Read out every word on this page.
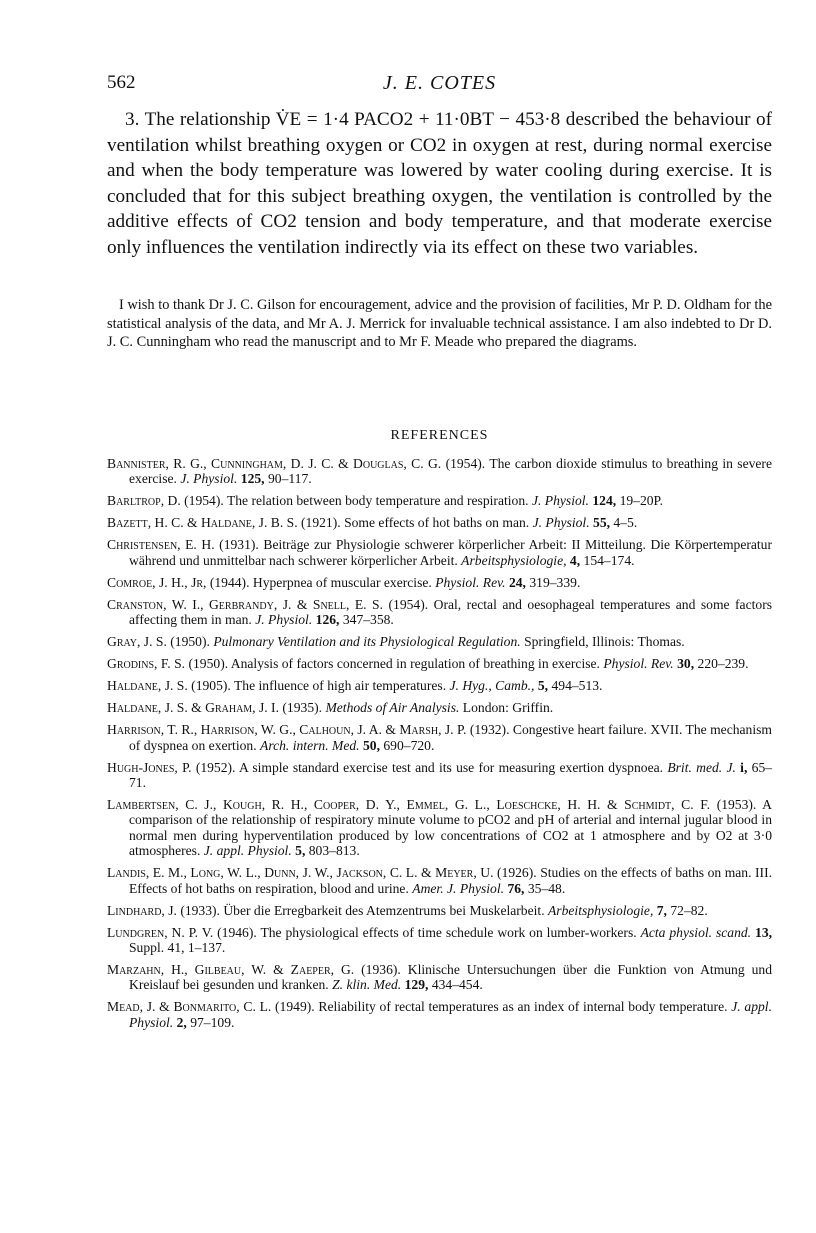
562	J. E. COTES

3. The relationship V̇E = 1·4 PACO2 + 11·0BT − 453·8 described the behaviour of ventilation whilst breathing oxygen or CO2 in oxygen at rest, during normal exercise and when the body temperature was lowered by water cooling during exercise. It is concluded that for this subject breathing oxygen, the ventilation is controlled by the additive effects of CO2 tension and body temperature, and that moderate exercise only influences the ventilation indirectly via its effect on these two variables.

I wish to thank Dr J. C. Gilson for encouragement, advice and the provision of facilities, Mr P. D. Oldham for the statistical analysis of the data, and Mr A. J. Merrick for invaluable technical assistance. I am also indebted to Dr D. J. C. Cunningham who read the manuscript and to Mr F. Meade who prepared the diagrams.

REFERENCES
Bannister, R. G., Cunningham, D. J. C. & Douglas, C. G. (1954). The carbon dioxide stimulus to breathing in severe exercise. J. Physiol. 125, 90–117.
Barltrop, D. (1954). The relation between body temperature and respiration. J. Physiol. 124, 19–20P.
Bazett, H. C. & Haldane, J. B. S. (1921). Some effects of hot baths on man. J. Physiol. 55, 4–5.
Christensen, E. H. (1931). Beiträge zur Physiologie schwerer körperlicher Arbeit: II Mitteilung. Die Körpertemperatur während und unmittelbar nach schwerer körperlicher Arbeit. Arbeitsphysiologie, 4, 154–174.
Comroe, J. H., Jr, (1944). Hyperpnea of muscular exercise. Physiol. Rev. 24, 319–339.
Cranston, W. I., Gerbrandy, J. & Snell, E. S. (1954). Oral, rectal and oesophageal temperatures and some factors affecting them in man. J. Physiol. 126, 347–358.
Gray, J. S. (1950). Pulmonary Ventilation and its Physiological Regulation. Springfield, Illinois: Thomas.
Grodins, F. S. (1950). Analysis of factors concerned in regulation of breathing in exercise. Physiol. Rev. 30, 220–239.
Haldane, J. S. (1905). The influence of high air temperatures. J. Hyg., Camb., 5, 494–513.
Haldane, J. S. & Graham, J. I. (1935). Methods of Air Analysis. London: Griffin.
Harrison, T. R., Harrison, W. G., Calhoun, J. A. & Marsh, J. P. (1932). Congestive heart failure. XVII. The mechanism of dyspnea on exertion. Arch. intern. Med. 50, 690–720.
Hugh-Jones, P. (1952). A simple standard exercise test and its use for measuring exertion dyspnoea. Brit. med. J. i, 65–71.
Lambertsen, C. J., Kough, R. H., Cooper, D. Y., Emmel, G. L., Loeschcke, H. H. & Schmidt, C. F. (1953). A comparison of the relationship of respiratory minute volume to pCO2 and pH of arterial and internal jugular blood in normal men during hyperventilation produced by low concentrations of CO2 at 1 atmosphere and by O2 at 3·0 atmospheres. J. appl. Physiol. 5, 803–813.
Landis, E. M., Long, W. L., Dunn, J. W., Jackson, C. L. & Meyer, U. (1926). Studies on the effects of baths on man. III. Effects of hot baths on respiration, blood and urine. Amer. J. Physiol. 76, 35–48.
Lindhard, J. (1933). Über die Erregbarkeit des Atemzentrums bei Muskelarbeit. Arbeitsphysiologie, 7, 72–82.
Lundgren, N. P. V. (1946). The physiological effects of time schedule work on lumber-workers. Acta physiol. scand. 13, Suppl. 41, 1–137.
Marzahn, H., Gilbeau, W. & Zaeper, G. (1936). Klinische Untersuchungen über die Funktion von Atmung und Kreislauf bei gesunden und kranken. Z. klin. Med. 129, 434–454.
Mead, J. & Bonmarito, C. L. (1949). Reliability of rectal temperatures as an index of internal body temperature. J. appl. Physiol. 2, 97–109.
